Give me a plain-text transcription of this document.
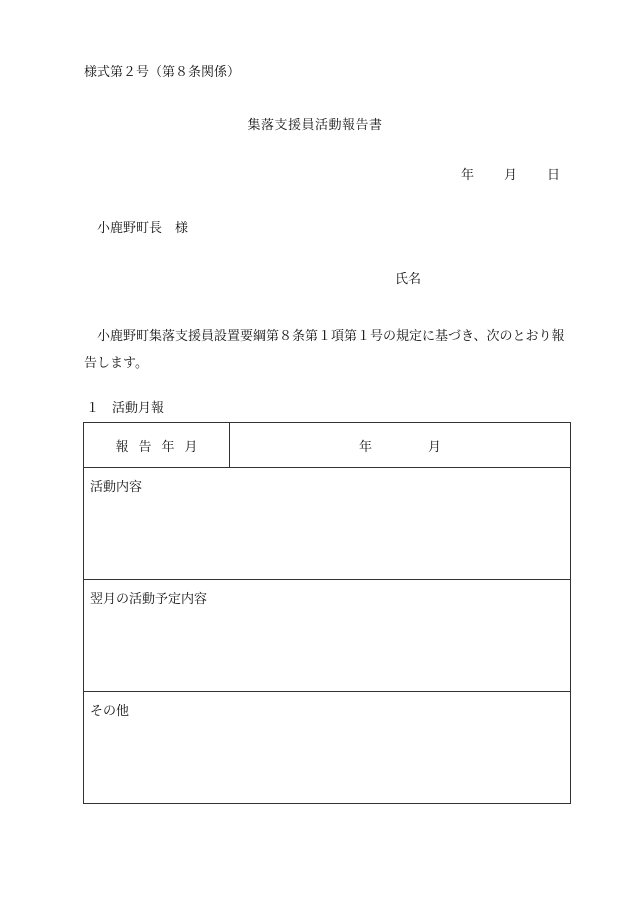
様式第２号（第８条関係）
集落支援員活動報告書
年 月 日
小鹿野町長　様
氏名
小鹿野町集落支援員設置要綱第８条第１項第１号の規定に基づき、次のとおり報告します。
１　活動月報
報告年月	年	月
活動内容
翌月の活動予定内容
その他
